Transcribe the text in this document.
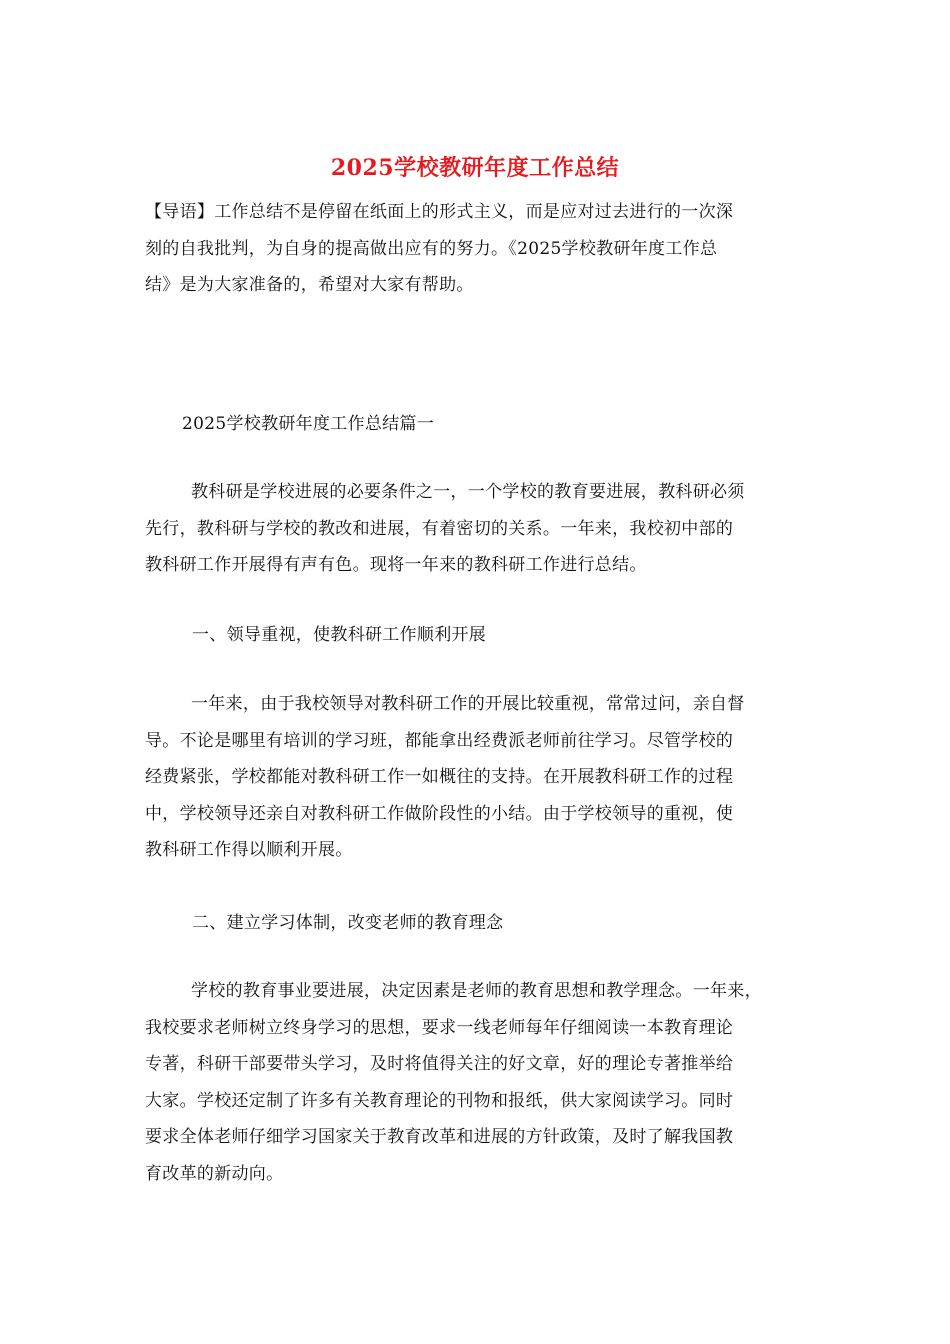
2025学校教研年度工作总结
【导语】工作总结不是停留在纸面上的形式主义，而是应对过去进行的一次深
刻的自我批判，为自身的提高做出应有的努力。《2025学校教研年度工作总
结》是为大家准备的，希望对大家有帮助。
2025学校教研年度工作总结篇一
教科研是学校进展的必要条件之一，一个学校的教育要进展，教科研必须
先行，教科研与学校的教改和进展，有着密切的关系。一年来，我校初中部的
教科研工作开展得有声有色。现将一年来的教科研工作进行总结。
一、领导重视，使教科研工作顺利开展
一年来，由于我校领导对教科研工作的开展比较重视，常常过问，亲自督
导。不论是哪里有培训的学习班，都能拿出经费派老师前往学习。尽管学校的
经费紧张，学校都能对教科研工作一如概往的支持。在开展教科研工作的过程
中，学校领导还亲自对教科研工作做阶段性的小结。由于学校领导的重视，使
教科研工作得以顺利开展。
二、建立学习体制，改变老师的教育理念
学校的教育事业要进展，决定因素是老师的教育思想和教学理念。一年来，
我校要求老师树立终身学习的思想，要求一线老师每年仔细阅读一本教育理论
专著，科研干部要带头学习，及时将值得关注的好文章，好的理论专著推举给
大家。学校还定制了许多有关教育理论的刊物和报纸，供大家阅读学习。同时
要求全体老师仔细学习国家关于教育改革和进展的方针政策，及时了解我国教
育改革的新动向。
